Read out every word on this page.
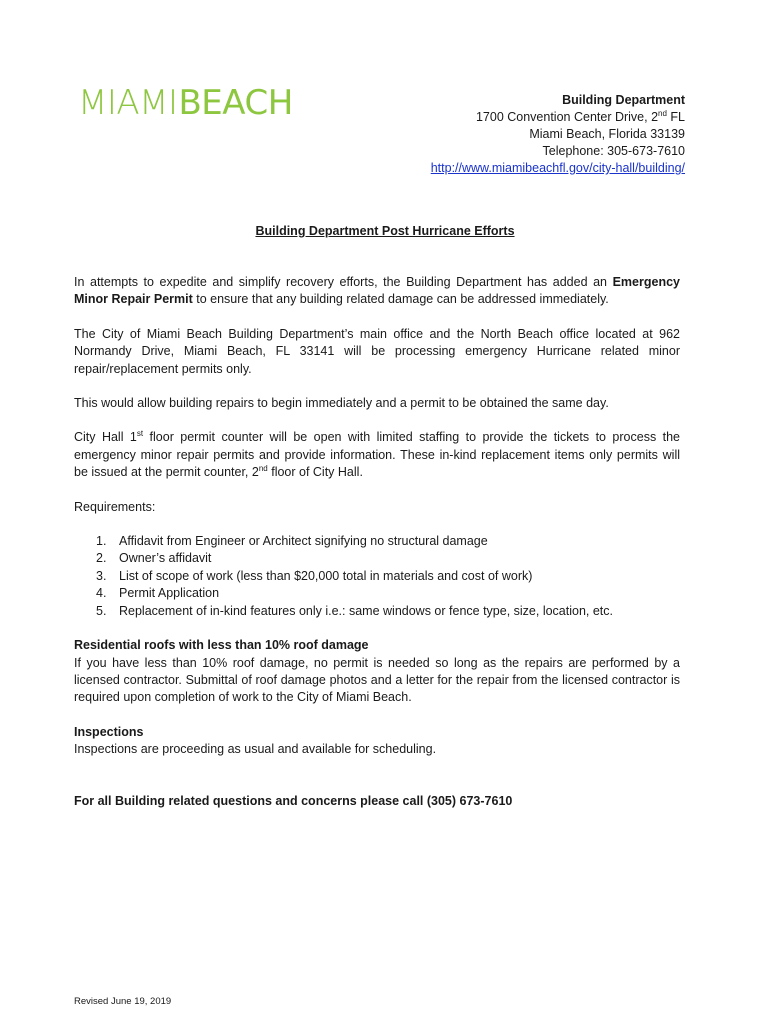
MIAMIBEACH	Building Department
1700 Convention Center Drive, 2nd FL
Miami Beach, Florida 33139
Telephone: 305-673-7610
http://www.miamibeachfl.gov/city-hall/building/
Building Department Post Hurricane Efforts

In attempts to expedite and simplify recovery efforts, the Building Department has added an Emergency Minor Repair Permit to ensure that any building related damage can be addressed immediately.

The City of Miami Beach Building Department’s main office and the North Beach office located at 962 Normandy Drive, Miami Beach, FL 33141 will be processing emergency Hurricane related minor repair/replacement permits only.

This would allow building repairs to begin immediately and a permit to be obtained the same day.

City Hall 1st floor permit counter will be open with limited staffing to provide the tickets to process the emergency minor repair permits and provide information. These in-kind replacement items only permits will be issued at the permit counter, 2nd floor of City Hall.

Requirements:

1.	Affidavit from Engineer or Architect signifying no structural damage
2.	Owner’s affidavit
3.	List of scope of work (less than $20,000 total in materials and cost of work)
4.	Permit Application
5.	Replacement of in-kind features only i.e.: same windows or fence type, size, location, etc.

Residential roofs with less than 10% roof damage
If you have less than 10% roof damage, no permit is needed so long as the repairs are performed by a licensed contractor. Submittal of roof damage photos and a letter for the repair from the licensed contractor is required upon completion of work to the City of Miami Beach.

Inspections
Inspections are proceeding as usual and available for scheduling.

For all Building related questions and concerns please call (305) 673-7610

Revised June 19, 2019
